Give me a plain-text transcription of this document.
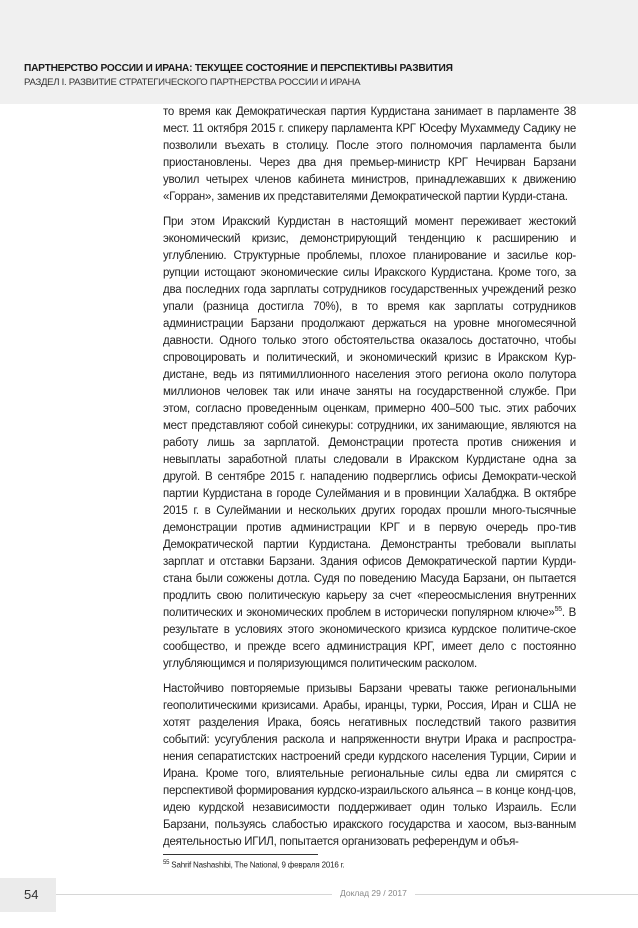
ПАРТНЕРСТВО РОССИИ И ИРАНА: ТЕКУЩЕЕ СОСТОЯНИЕ И ПЕРСПЕКТИВЫ РАЗВИТИЯ
РАЗДЕЛ I. РАЗВИТИЕ СТРАТЕГИЧЕСКОГО ПАРТНЕРСТВА РОССИИ И ИРАНА

то время как Демократическая партия Курдистана занимает в парламенте 38 мест. 11 октября 2015 г. спикеру парламента КРГ Юсефу Мухаммеду Садику не позволили въехать в столицу. После этого полномочия парламента были приостановлены. Через два дня премьер-министр КРГ Нечирван Барзани уволил четырех членов кабинета министров, принадлежавших к движению «Горран», заменив их представителями Демократической партии Курди-стана.

При этом Иракский Курдистан в настоящий момент переживает жестокий экономический кризис, демонстрирующий тенденцию к расширению и углублению. Структурные проблемы, плохое планирование и засилье кор-рупции истощают экономические силы Иракского Курдистана. Кроме того, за два последних года зарплаты сотрудников государственных учреждений резко упали (разница достигла 70%), в то время как зарплаты сотрудников администрации Барзани продолжают держаться на уровне многомесячной давности. Одного только этого обстоятельства оказалось достаточно, чтобы спровоцировать и политический, и экономический кризис в Иракском Кур-дистане, ведь из пятимиллионного населения этого региона около полутора миллионов человек так или иначе заняты на государственной службе. При этом, согласно проведенным оценкам, примерно 400–500 тыс. этих рабочих мест представляют собой синекуры: сотрудники, их занимающие, являются на работу лишь за зарплатой. Демонстрации протеста против снижения и невыплаты заработной платы следовали в Иракском Курдистане одна за другой. В сентябре 2015 г. нападению подверглись офисы Демократи-ческой партии Курдистана в городе Сулеймания и в провинции Халабджа. В октябре 2015 г. в Сулеймании и нескольких других городах прошли много-тысячные демонстрации против администрации КРГ и в первую очередь про-тив Демократической партии Курдистана. Демонстранты требовали выплаты зарплат и отставки Барзани. Здания офисов Демократической партии Курди-стана были сожжены дотла. Судя по поведению Масуда Барзани, он пытается продлить свою политическую карьеру за счет «переосмысления внутренних политических и экономических проблем в исторически популярном ключе»$^{55}$. В результате в условиях этого экономического кризиса курдское политиче-ское сообщество, и прежде всего администрация КРГ, имеет дело с постоянно углубляющимся и поляризующимся политическим расколом.

Настойчиво повторяемые призывы Барзани чреваты также региональными геополитическими кризисами. Арабы, иранцы, турки, Россия, Иран и США не хотят разделения Ирака, боясь негативных последствий такого развития событий: усугубления раскола и напряженности внутри Ирака и распростра-нения сепаратистских настроений среди курдского населения Турции, Сирии и Ирана. Кроме того, влиятельные региональные силы едва ли смирятся с перспективой формирования курдско-израильского альянса – в конце конд-цов, идею курдской независимости поддерживает один только Израиль. Если Барзани, пользуясь слабостью иракского государства и хаосом, выз-ванным деятельностью ИГИЛ, попытается организовать референдум и объя-

$^{55}$ Sahrif Nashashibi, The National, 9 февраля 2016 г.
54	Доклад 29 / 2017
